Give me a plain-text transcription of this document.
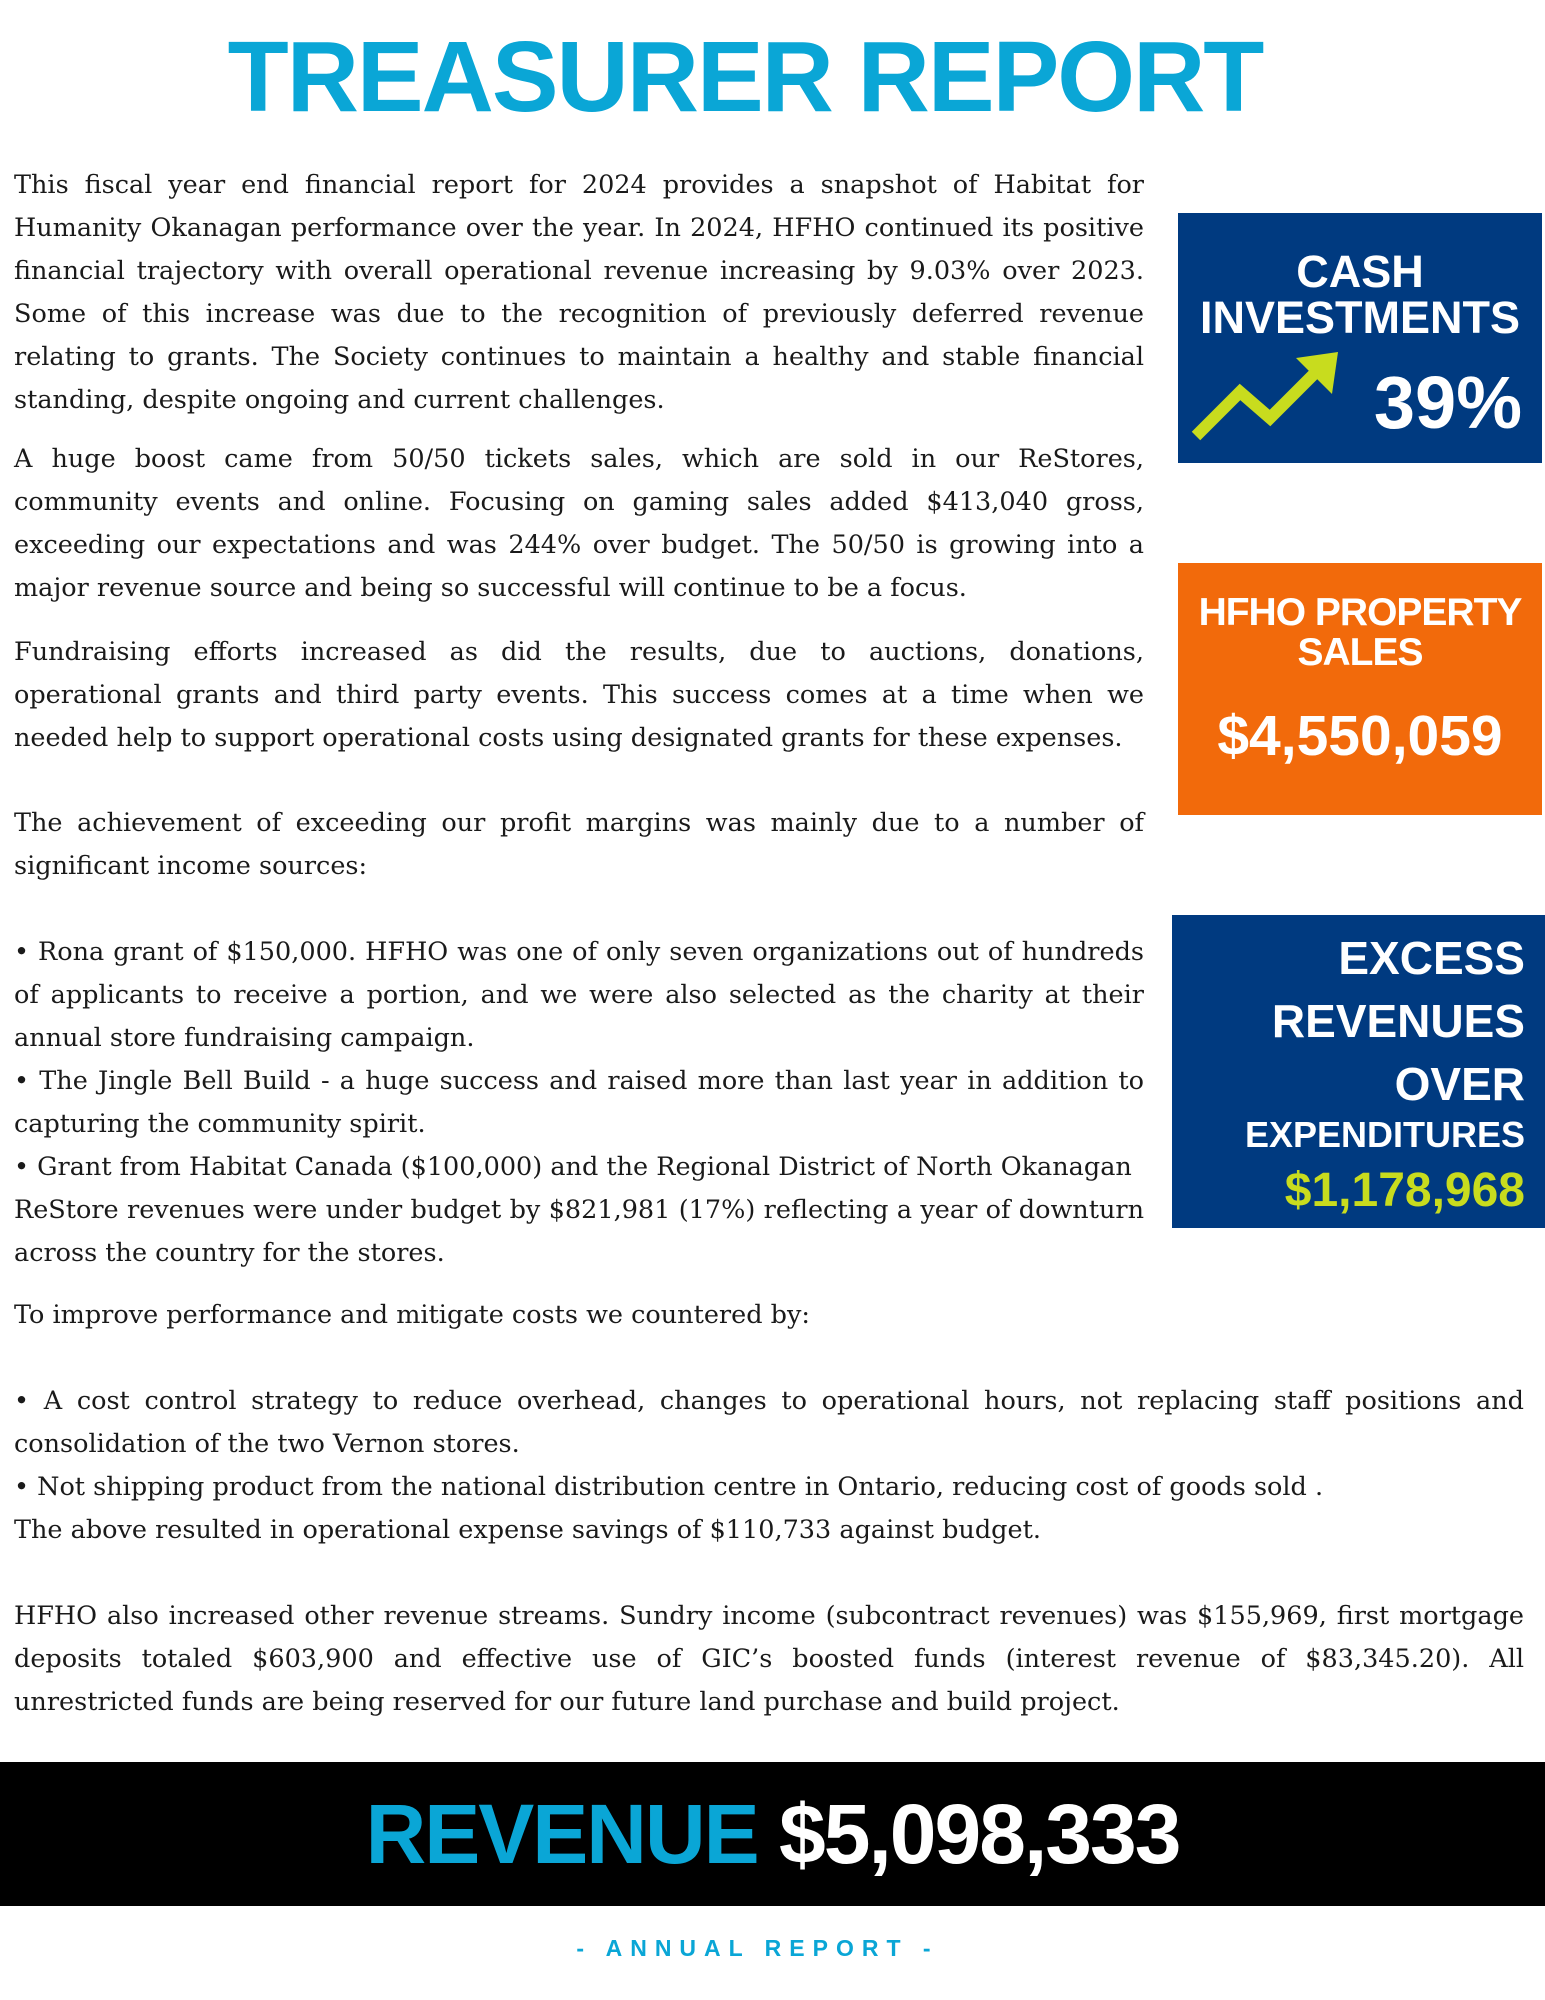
TREASURER REPORT

This fiscal year end financial report for 2024 provides a snapshot of Habitat for Humanity Okanagan performance over the year. In 2024, HFHO continued its positive financial trajectory with overall operational revenue increasing by 9.03% over 2023. Some of this increase was due to the recognition of previously deferred revenue relating to grants. The Society continues to maintain a healthy and stable financial standing, despite ongoing and current challenges.

A huge boost came from 50/50 tickets sales, which are sold in our ReStores, community events and online. Focusing on gaming sales added $413,040 gross, exceeding our expectations and was 244% over budget. The 50/50 is growing into a major revenue source and being so successful will continue to be a focus.

Fundraising efforts increased as did the results, due to auctions, donations, operational grants and third party events. This success comes at a time when we needed help to support operational costs using designated grants for these expenses.

The achievement of exceeding our profit margins was mainly due to a number of significant income sources:

• Rona grant of $150,000. HFHO was one of only seven organizations out of hundreds of applicants to receive a portion, and we were also selected as the charity at their annual store fundraising campaign.
• The Jingle Bell Build - a huge success and raised more than last year in addition to capturing the community spirit.
• Grant from Habitat Canada ($100,000) and the Regional District of North Okanagan
ReStore revenues were under budget by $821,981 (17%) reflecting a year of downturn across the country for the stores.

To improve performance and mitigate costs we countered by:

• A cost control strategy to reduce overhead, changes to operational hours, not replacing staff positions and consolidation of the two Vernon stores.
• Not shipping product from the national distribution centre in Ontario, reducing cost of goods sold .
The above resulted in operational expense savings of $110,733 against budget.

HFHO also increased other revenue streams. Sundry income (subcontract revenues) was $155,969, first mortgage deposits totaled $603,900 and effective use of GIC’s boosted funds (interest revenue of $83,345.20). All unrestricted funds are being reserved for our future land purchase and build project.

CASH
INVESTMENTS
39%
HFHO PROPERTY
SALES
$4,550,059
EXCESS
REVENUES
OVER
EXPENDITURES
$1,178,968
REVENUE $5,098,333
- ANNUAL REPORT -
